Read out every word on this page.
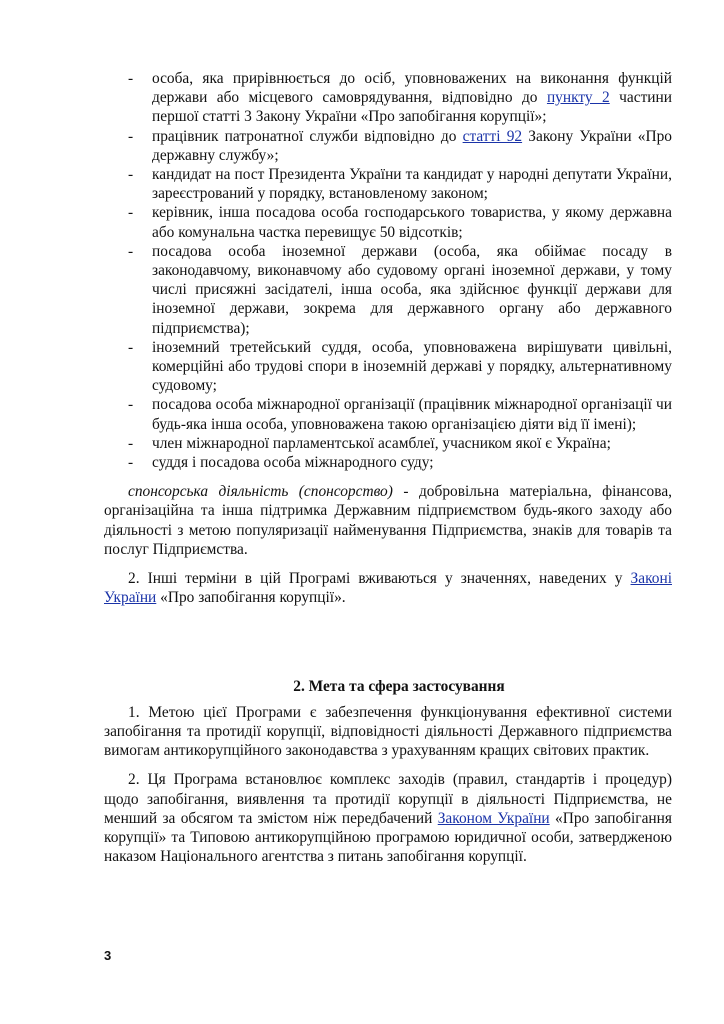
- особа, яка прирівнюється до осіб, уповноважених на виконання функцій держави або місцевого самоврядування, відповідно до пункту 2 частини першої статті 3 Закону України «Про запобігання корупції»;
- працівник патронатної служби відповідно до статті 92 Закону України «Про державну службу»;
- кандидат на пост Президента України та кандидат у народні депутати України, зареєстрований у порядку, встановленому законом;
- керівник, інша посадова особа господарського товариства, у якому державна або комунальна частка перевищує 50 відсотків;
- посадова особа іноземної держави (особа, яка обіймає посаду в законодавчому, виконавчому або судовому органі іноземної держави, у тому числі присяжні засідателі, інша особа, яка здійснює функції держави для іноземної держави, зокрема для державного органу або державного підприємства);
- іноземний третейський суддя, особа, уповноважена вирішувати цивільні, комерційні або трудові спори в іноземній державі у порядку, альтернативному судовому;
- посадова особа міжнародної організації (працівник міжнародної організації чи будь-яка інша особа, уповноважена такою організацією діяти від її імені);
- член міжнародної парламентської асамблеї, учасником якої є Україна;
- суддя і посадова особа міжнародного суду;

спонсорська діяльність (спонсорство) - добровільна матеріальна, фінансова, організаційна та інша підтримка Державним підприємством будь-якого заходу або діяльності з метою популяризації найменування Підприємства, знаків для товарів та послуг Підприємства.

2. Інші терміни в цій Програмі вживаються у значеннях, наведених у Законі України «Про запобігання корупції».

2. Мета та сфера застосування

1. Метою цієї Програми є забезпечення функціонування ефективної системи запобігання та протидії корупції, відповідності діяльності Державного підприємства вимогам антикорупційного законодавства з урахуванням кращих світових практик.

2. Ця Програма встановлює комплекс заходів (правил, стандартів і процедур) щодо запобігання, виявлення та протидії корупції в діяльності Підприємства, не менший за обсягом та змістом ніж передбачений Законом України «Про запобігання корупції» та Типовою антикорупційною програмою юридичної особи, затвердженою наказом Національного агентства з питань запобігання корупції.

3
